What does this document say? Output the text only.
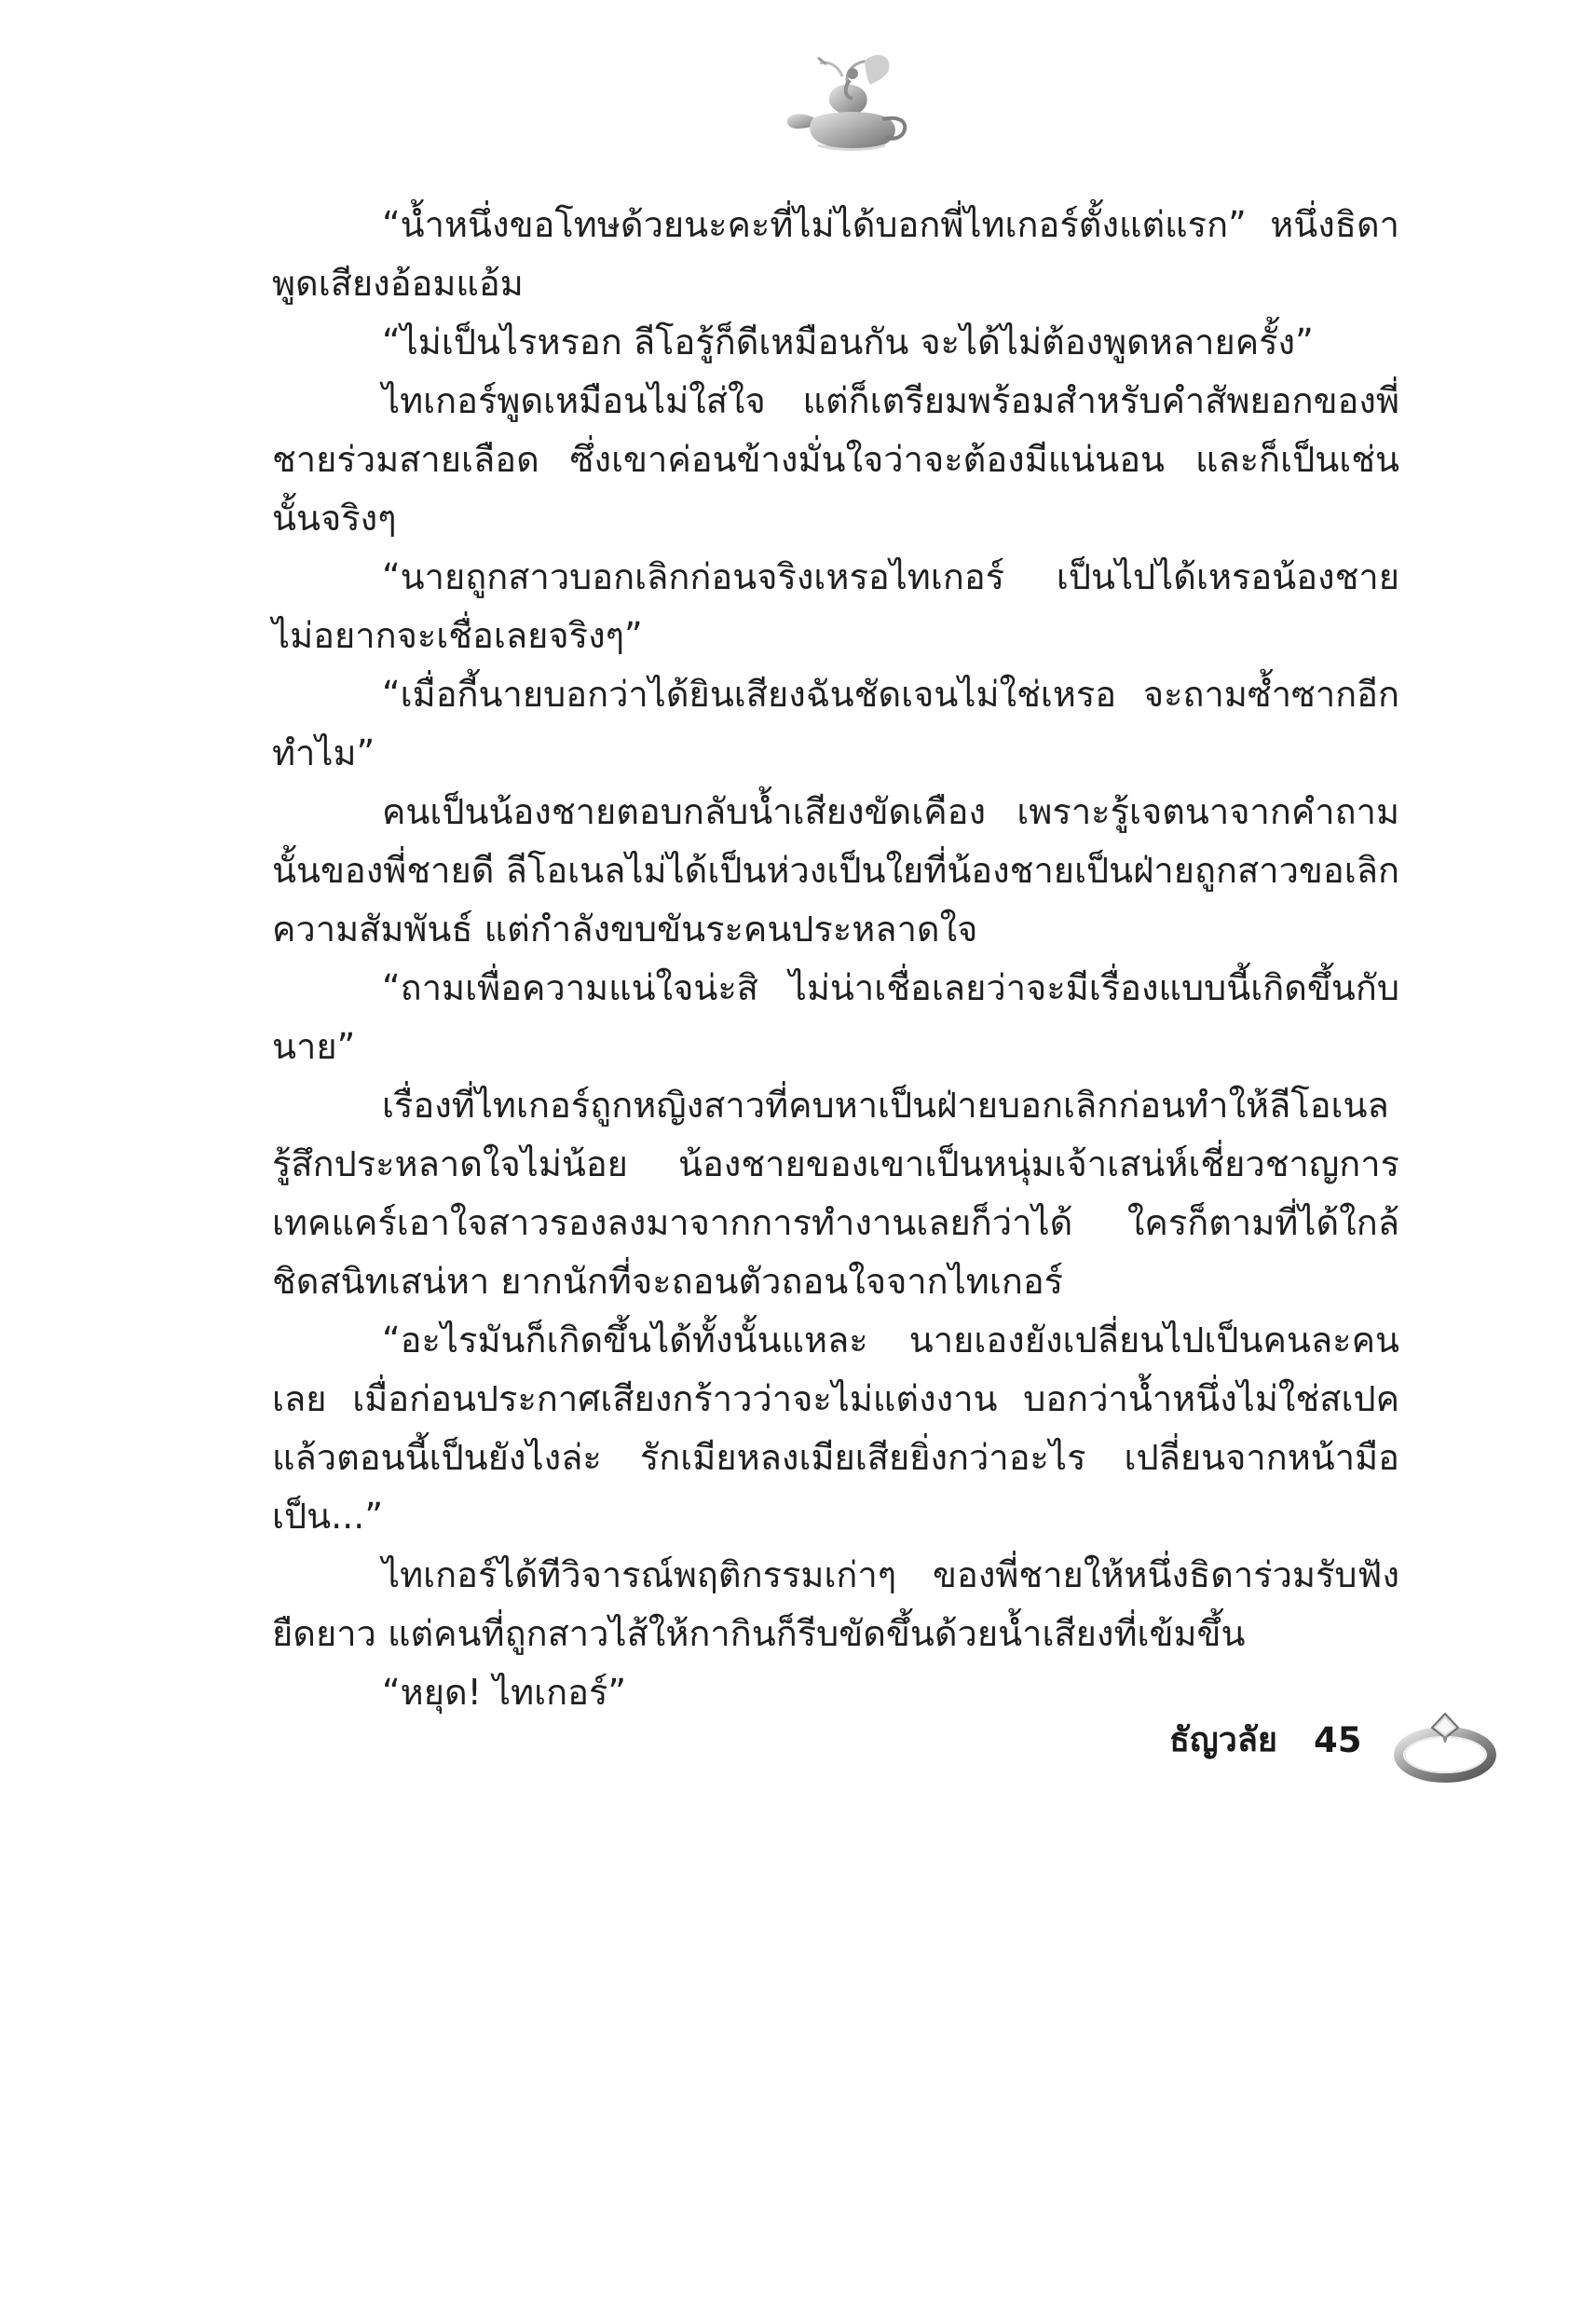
“น้ำหนึ่งขอโทษด้วยนะคะที่ไม่ได้บอกพี่ไทเกอร์ตั้งแต่แรก” หนึ่งธิดาพูดเสียงอ้อมแอ้ม

“ไม่เป็นไรหรอก ลีโอรู้ก็ดีเหมือนกัน จะได้ไม่ต้องพูดหลายครั้ง”

ไทเกอร์พูดเหมือนไม่ใส่ใจ แต่ก็เตรียมพร้อมสำหรับคำสัพยอกของพี่ชายร่วมสายเลือด ซึ่งเขาค่อนข้างมั่นใจว่าจะต้องมีแน่นอน และก็เป็นเช่นนั้นจริงๆ

“นายถูกสาวบอกเลิกก่อนจริงเหรอไทเกอร์ เป็นไปได้เหรอน้องชาย ไม่อยากจะเชื่อเลยจริงๆ”

“เมื่อกี้นายบอกว่าได้ยินเสียงฉันชัดเจนไม่ใช่เหรอ จะถามซ้ำซากอีกทำไม”

คนเป็นน้องชายตอบกลับน้ำเสียงขัดเคือง เพราะรู้เจตนาจากคำถามนั้นของพี่ชายดี ลีโอเนลไม่ได้เป็นห่วงเป็นใยที่น้องชายเป็นฝ่ายถูกสาวขอเลิกความสัมพันธ์ แต่กำลังขบขันระคนประหลาดใจ

“ถามเพื่อความแน่ใจน่ะสิ ไม่น่าเชื่อเลยว่าจะมีเรื่องแบบนี้เกิดขึ้นกับนาย”

เรื่องที่ไทเกอร์ถูกหญิงสาวที่คบหาเป็นฝ่ายบอกเลิกก่อนทำให้ลีโอเนลรู้สึกประหลาดใจไม่น้อย น้องชายของเขาเป็นหนุ่มเจ้าเสน่ห์เชี่ยวชาญการเทคแคร์เอาใจสาวรองลงมาจากการทำงานเลยก็ว่าได้ ใครก็ตามที่ได้ใกล้ชิดสนิทเสน่หา ยากนักที่จะถอนตัวถอนใจจากไทเกอร์

“อะไรมันก็เกิดขึ้นได้ทั้งนั้นแหละ นายเองยังเปลี่ยนไปเป็นคนละคนเลย เมื่อก่อนประกาศเสียงกร้าวว่าจะไม่แต่งงาน บอกว่าน้ำหนึ่งไม่ใช่สเปค แล้วตอนนี้เป็นยังไงล่ะ รักเมียหลงเมียเสียยิ่งกว่าอะไร เปลี่ยนจากหน้ามือเป็น...”

ไทเกอร์ได้ทีวิจารณ์พฤติกรรมเก่าๆ ของพี่ชายให้หนึ่งธิดาร่วมรับฟังยืดยาว แต่คนที่ถูกสาวไส้ให้กากินก็รีบขัดขึ้นด้วยน้ำเสียงที่เข้มขึ้น

“หยุด! ไทเกอร์”

ธัญวลัย 45
